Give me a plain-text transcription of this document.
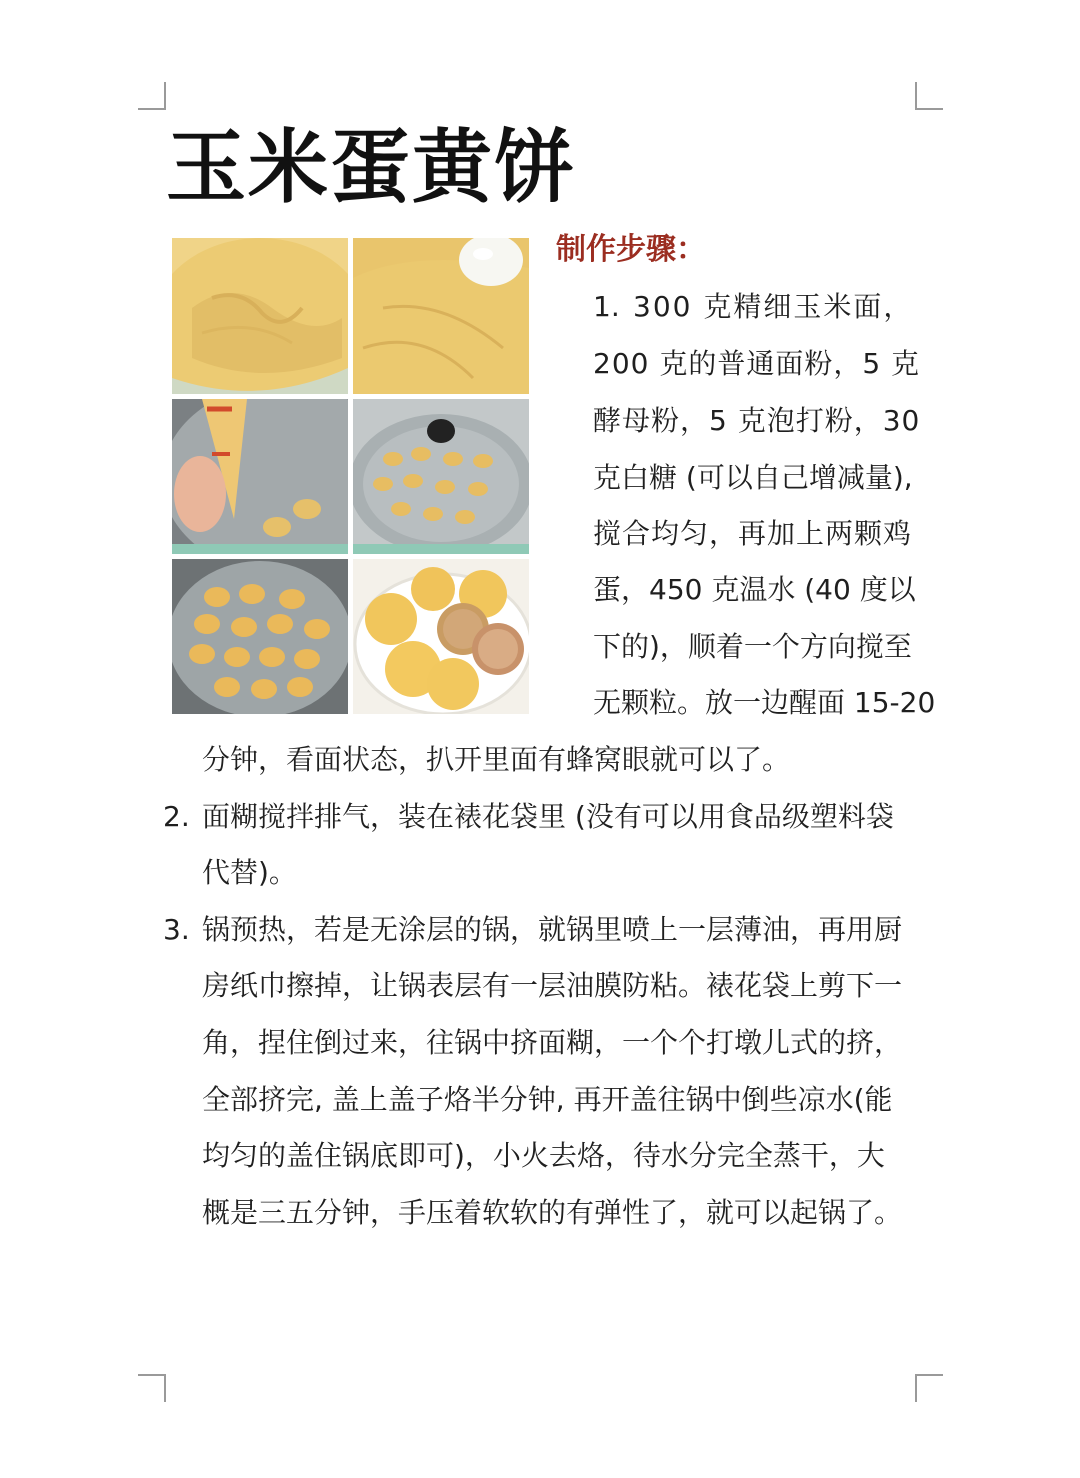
玉米蛋黄饼
制作步骤：
1. 300 克精细玉米面，
200 克的普通面粉，5 克
酵母粉，5 克泡打粉，30
克白糖 (可以自己增减量),
搅合均匀，再加上两颗鸡
蛋，450 克温水 (40 度以
下的)，顺着一个方向搅至
无颗粒。放一边醒面 15-20
分钟，看面状态，扒开里面有蜂窝眼就可以了。
2. 面糊搅拌排气，装在裱花袋里 (没有可以用食品级塑料袋
代替)。
3. 锅预热，若是无涂层的锅，就锅里喷上一层薄油，再用厨
房纸巾擦掉，让锅表层有一层油膜防粘。裱花袋上剪下一
角，捏住倒过来，往锅中挤面糊，一个个打墩儿式的挤，
全部挤完, 盖上盖子烙半分钟, 再开盖往锅中倒些凉水(能
均匀的盖住锅底即可)，小火去烙，待水分完全蒸干，大
概是三五分钟，手压着软软的有弹性了，就可以起锅了。
